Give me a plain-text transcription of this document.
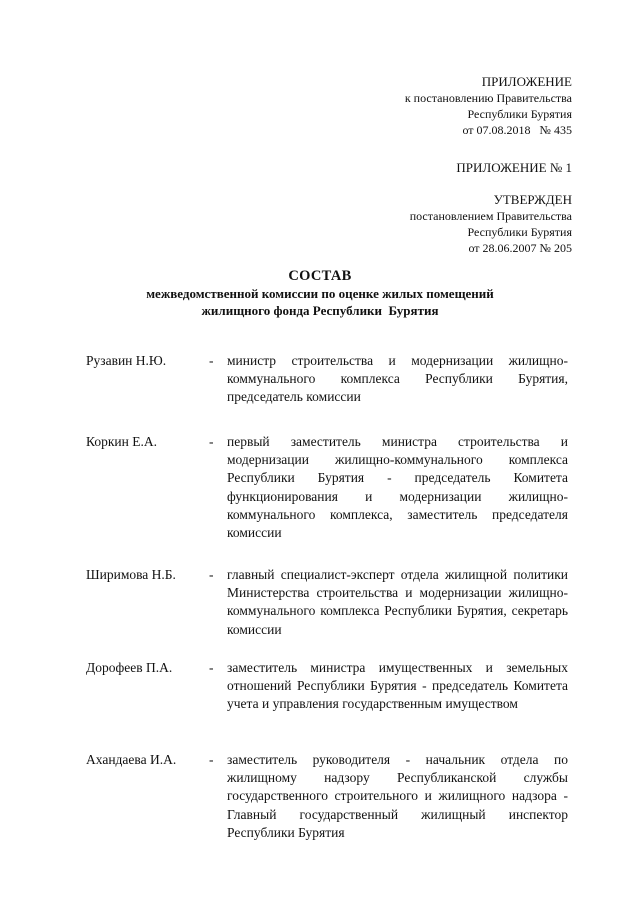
ПРИЛОЖЕНИЕ
к постановлению Правительства
Республики Бурятия
от 07.08.2018   № 435
ПРИЛОЖЕНИЕ № 1
УТВЕРЖДЕН
постановлением Правительства
Республики Бурятия
от 28.06.2007 № 205
СОСТАВ
межведомственной комиссии по оценке жилых помещений
жилищного фонда Республики  Бурятия
Рузавин Н.Ю.	- министр строительства и модернизации жилищно-коммунального комплекса Республики Бурятия, председатель комиссии
Коркин Е.А.	- первый заместитель министра строительства и модернизации жилищно-коммунального комплекса Республики Бурятия - председатель Комитета функционирования и модернизации жилищно-коммунального комплекса, заместитель председателя комиссии
Ширимова Н.Б. - главный специалист-эксперт отдела жилищной политики Министерства строительства и модернизации жилищно-коммунального комплекса Республики Бурятия, секретарь комиссии
Дорофеев П.А.	- заместитель министра имущественных и земельных отношений Республики Бурятия - председатель Комитета учета и управления государственным имуществом
Ахандаева И.А. - заместитель руководителя - начальник отдела по жилищному надзору Республиканской службы государственного строительного и жилищного надзора - Главный государственный жилищный инспектор Республики Бурятия
